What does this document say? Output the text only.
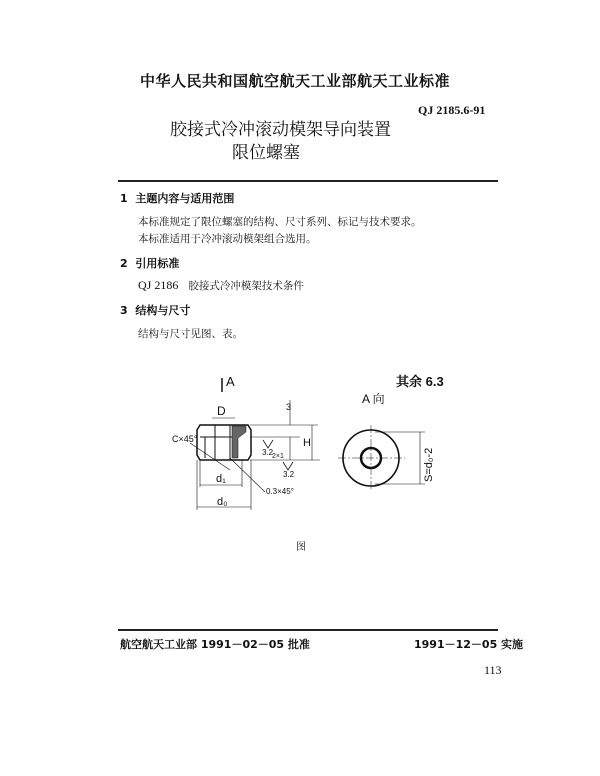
中华人民共和国航空航天工业部航天工业标准
QJ 2185.6-91
胶接式冷冲滚动模架导向装置
限位螺塞
1 主题内容与适用范围
本标准规定了限位螺塞的结构、尺寸系列、标记与技术要求。
本标准适用于冷冲滚动模架组合选用。
2 引用标准
QJ 2186 胶接式冷冲模架技术条件
3 结构与尺寸
结构与尺寸见图、表。
A
D	3
C×45°
3.2
2×1
H
3.2
d₁
0.3×45°
d₀
A 向
S=d₀-2
其余 6.3
图
航空航天工业部 1991－02－05 批准	1991－12－05 实施
113
